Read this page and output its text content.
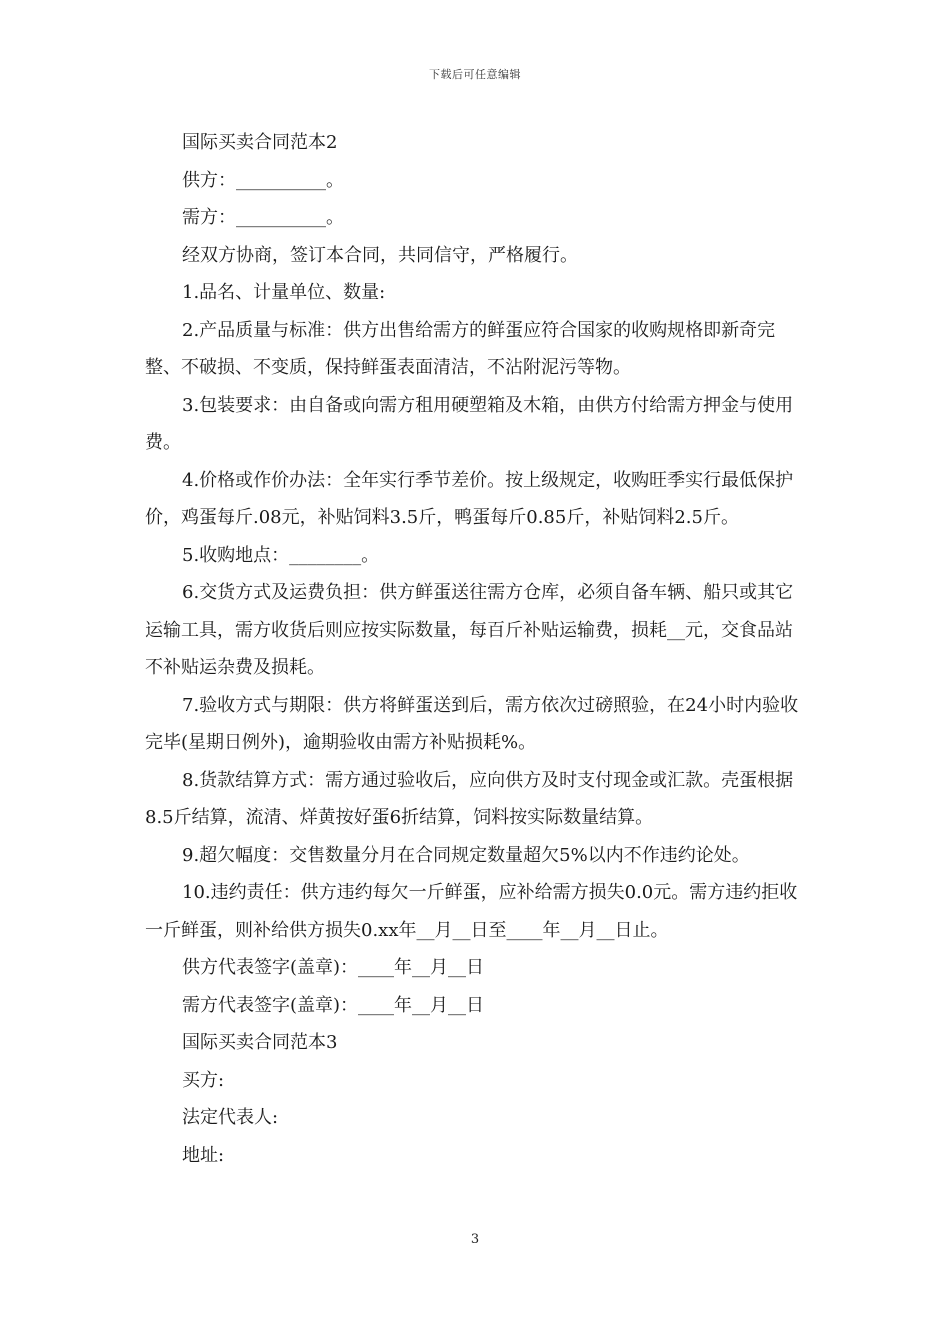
下载后可任意编辑

国际买卖合同范本2

供方：__________。

需方：__________。

经双方协商，签订本合同，共同信守，严格履行。

1.品名、计量单位、数量:

2.产品质量与标准：供方出售给需方的鲜蛋应符合国家的收购规格即新奇完整、不破损、不变质，保持鲜蛋表面清洁，不沾附泥污等物。

3.包装要求：由自备或向需方租用硬塑箱及木箱，由供方付给需方押金与使用费。

4.价格或作价办法：全年实行季节差价。按上级规定，收购旺季实行最低保护价，鸡蛋每斤.08元，补贴饲料3.5斤，鸭蛋每斤0.85斤，补贴饲料2.5斤。

5.收购地点：________。

6.交货方式及运费负担：供方鲜蛋送往需方仓库，必须自备车辆、船只或其它运输工具，需方收货后则应按实际数量，每百斤补贴运输费，损耗__元，交食品站不补贴运杂费及损耗。

7.验收方式与期限：供方将鲜蛋送到后，需方依次过磅照验，在24小时内验收完毕(星期日例外)，逾期验收由需方补贴损耗%。

8.货款结算方式：需方通过验收后，应向供方及时支付现金或汇款。壳蛋根据8.5斤结算，流清、烊黄按好蛋6折结算，饲料按实际数量结算。

9.超欠幅度：交售数量分月在合同规定数量超欠5%以内不作违约论处。

10.违约责任：供方违约每欠一斤鲜蛋，应补给需方损失0.0元。需方违约拒收一斤鲜蛋，则补给供方损失0.xx年__月__日至____年__月__日止。

供方代表签字(盖章)：____年__月__日

需方代表签字(盖章)：____年__月__日

国际买卖合同范本3

买方:

法定代表人:

地址:

3
